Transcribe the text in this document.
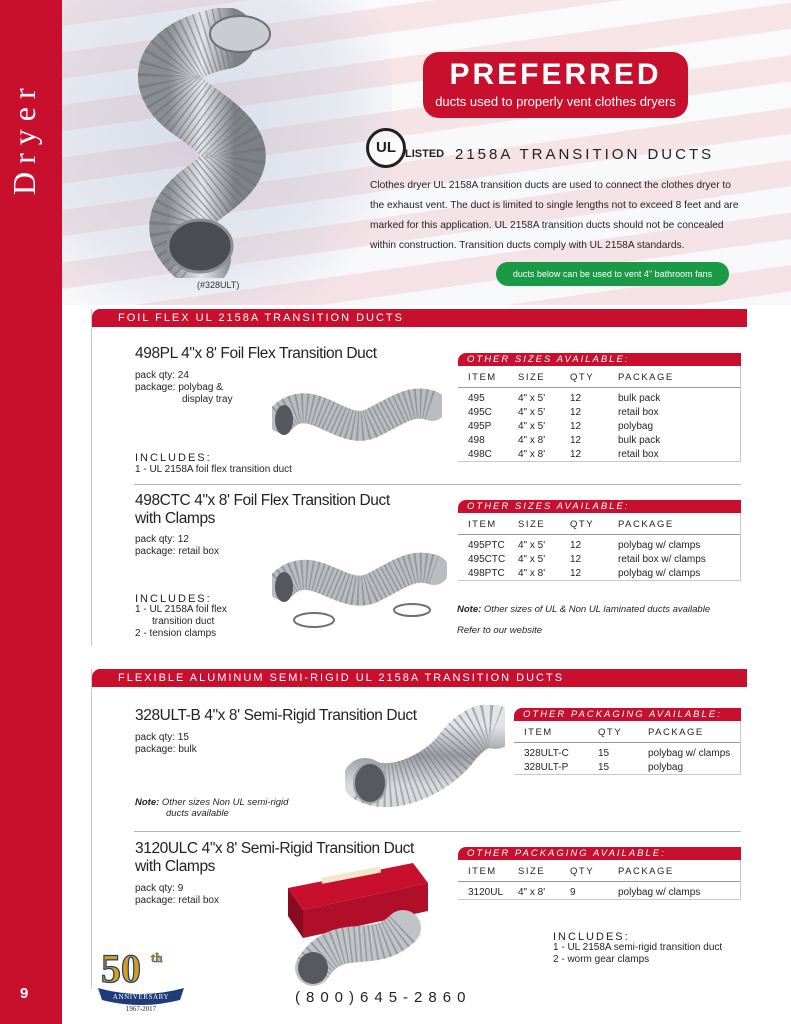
Dryer
9
(#328ULT)
PREFERRED
ducts used to properly vent clothes dryers
UL LISTED 2158A TRANSITION DUCTS
Clothes dryer UL 2158A transition ducts are used to connect the clothes dryer to the exhaust vent. The duct is limited to single lengths not to exceed 8 feet and are marked for this application. UL 2158A transition ducts should not be concealed within construction. Transition ducts comply with UL 2158A standards.
ducts below can be used to vent 4" bathroom fans
FOIL FLEX UL 2158A TRANSITION DUCTS
498PL 4"x 8' Foil Flex Transition Duct
pack qty: 24
package: polybag &
display tray
INCLUDES:
1 - UL 2158A foil flex transition duct
OTHER SIZES AVAILABLE:
ITEM	SIZE	QTY	PACKAGE
495	4" x 5'	12	bulk pack
495C	4" x 5'	12	retail box
495P	4" x 5'	12	polybag
498	4" x 8'	12	bulk pack
498C	4" x 8'	12	retail box
498CTC 4"x 8' Foil Flex Transition Duct
with Clamps
pack qty: 12
package: retail box
INCLUDES:
1 - UL 2158A foil flex
transition duct
2 - tension clamps
OTHER SIZES AVAILABLE:
ITEM	SIZE	QTY	PACKAGE
495PTC	4" x 5'	12	polybag w/ clamps
495CTC	4" x 5'	12	retail box w/ clamps
498PTC	4" x 8'	12	polybag w/ clamps
Note: Other sizes of UL & Non UL laminated ducts available
Refer to our website
FLEXIBLE ALUMINUM SEMI-RIGID UL 2158A TRANSITION DUCTS
328ULT-B 4"x 8' Semi-Rigid Transition Duct
pack qty: 15
package: bulk
Note: Other sizes Non UL semi-rigid
ducts available
OTHER PACKAGING AVAILABLE:
ITEM	QTY	PACKAGE
328ULT-C	15	polybag w/ clamps
328ULT-P	15	polybag
3120ULC 4"x 8' Semi-Rigid Transition Duct
with Clamps
pack qty: 9
package: retail box
OTHER PACKAGING AVAILABLE:
ITEM	SIZE	QTY	PACKAGE
3120UL	4" x 8'	9	polybag w/ clamps
INCLUDES:
1 - UL 2158A semi-rigid transition duct
2 - worm gear clamps
50 th
ANNIVERSARY
1967-2017
(800)645-2860
